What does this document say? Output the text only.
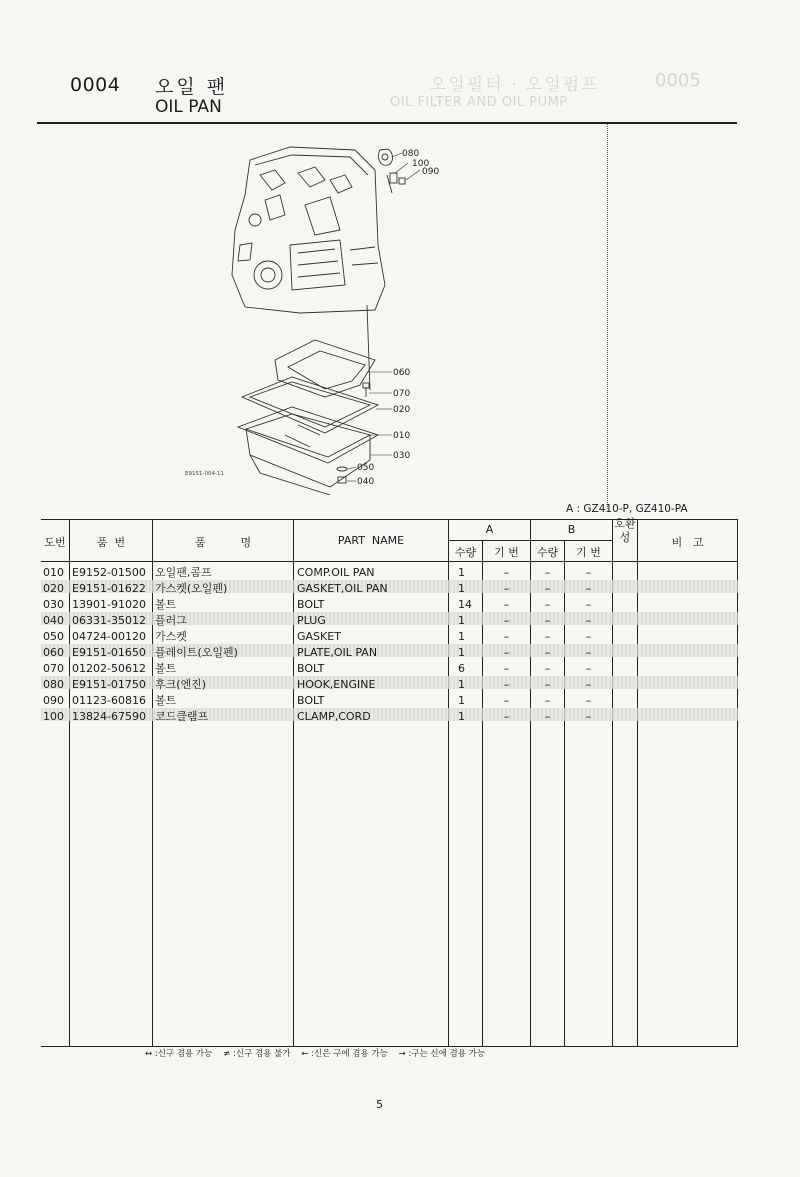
오일필터 · 오일펌프	0005
OIL FILTER AND OIL PUMP
0004 오일 팬
OIL PAN
080
100
090
060
070
020
010
030
050
040
E9151-004-11
A : GZ410-P, GZ410-PA
도번	품  번	품          명	PART  NAME
A	B
수량	기 번	수량	기 번
호환성	비   고
010 E9152-01500 오일팬,콤프	COMP.OIL PAN	1	–	–	–
020 E9151-01622 가스켓(오일펜)	GASKET,OIL PAN	1	–	–	–
030 13901-91020 볼트	BOLT	14	–	–	–
040 06331-35012 플러그	PLUG	1	–	–	–
050 04724-00120 가스켓	GASKET	1	–	–	–
060 E9151-01650 플레이트(오일펜)	PLATE,OIL PAN	1	–	–	–
070 01202-50612 볼트	BOLT	6	–	–	–
080 E9151-01750 후크(엔진)	HOOK,ENGINE	1	–	–	–
090 01123-60816 볼트	BOLT	1	–	–	–
100 13824-67590 코드클램프	CLAMP,CORD	1	–	–	–
↔ :신구 겸용 가능    ≠ :신구 겸용 불가    ← :신은 구에 겸용 가능    → :구는 신에 겸용 가능
5
